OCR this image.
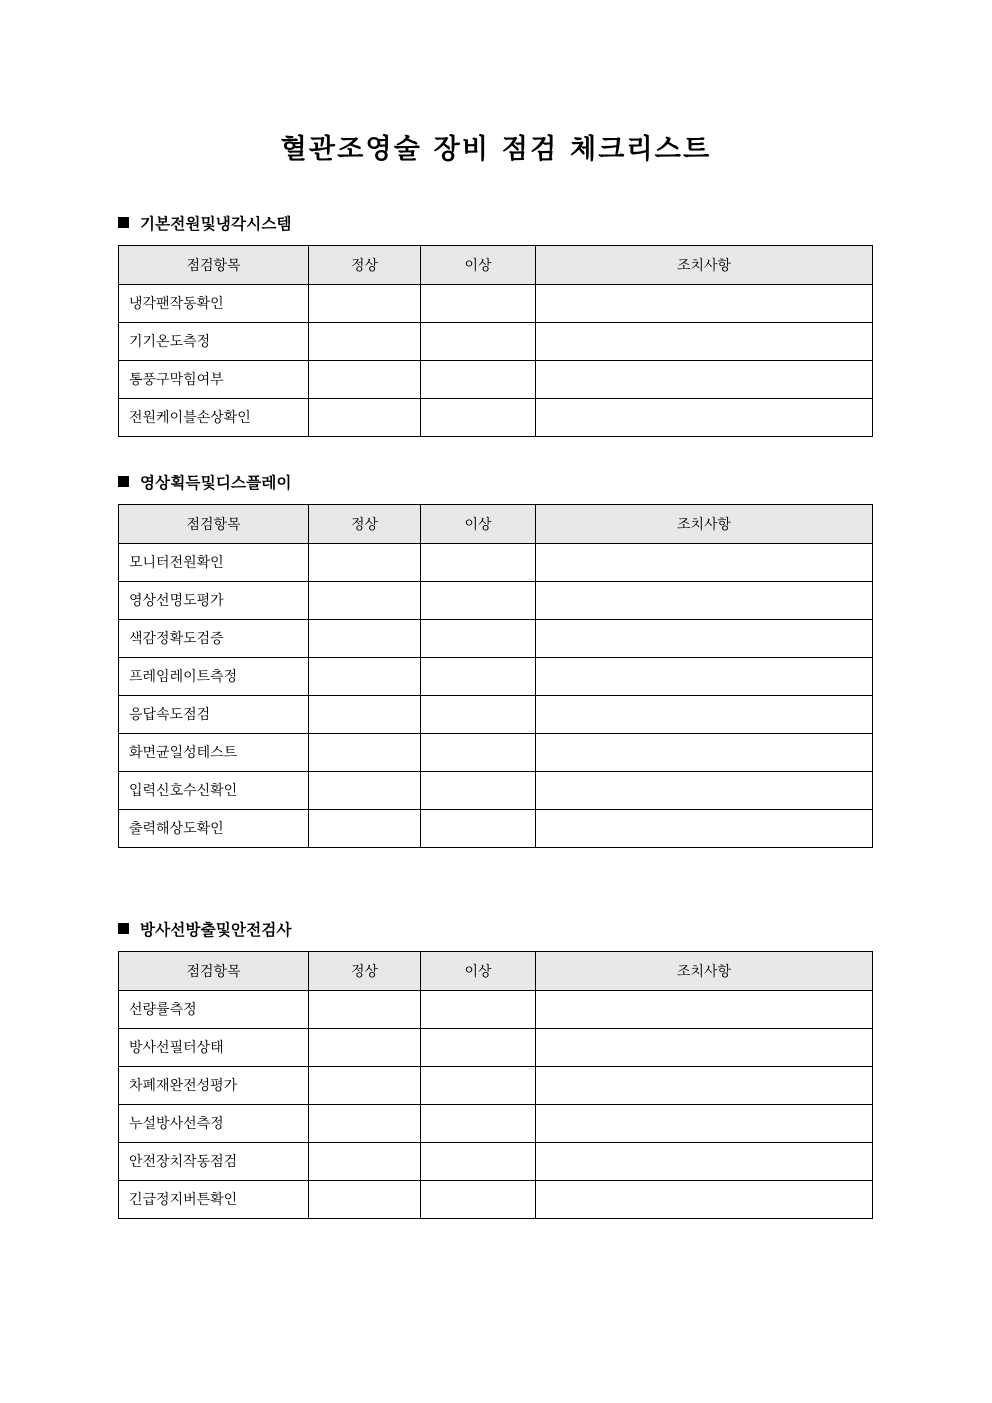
혈관조영술 장비 점검 체크리스트
기본전원및냉각시스템
점검항목	정상	이상	조치사항
냉각팬작동확인			
기기온도측정			
통풍구막힘여부			
전원케이블손상확인			
영상획득및디스플레이
점검항목	정상	이상	조치사항
모니터전원확인			
영상선명도평가			
색감정확도검증			
프레임레이트측정			
응답속도점검			
화면균일성테스트			
입력신호수신확인			
출력해상도확인			
방사선방출및안전검사
점검항목	정상	이상	조치사항
선량률측정			
방사선필터상태			
차폐재완전성평가			
누설방사선측정			
안전장치작동점검			
긴급정지버튼확인			
